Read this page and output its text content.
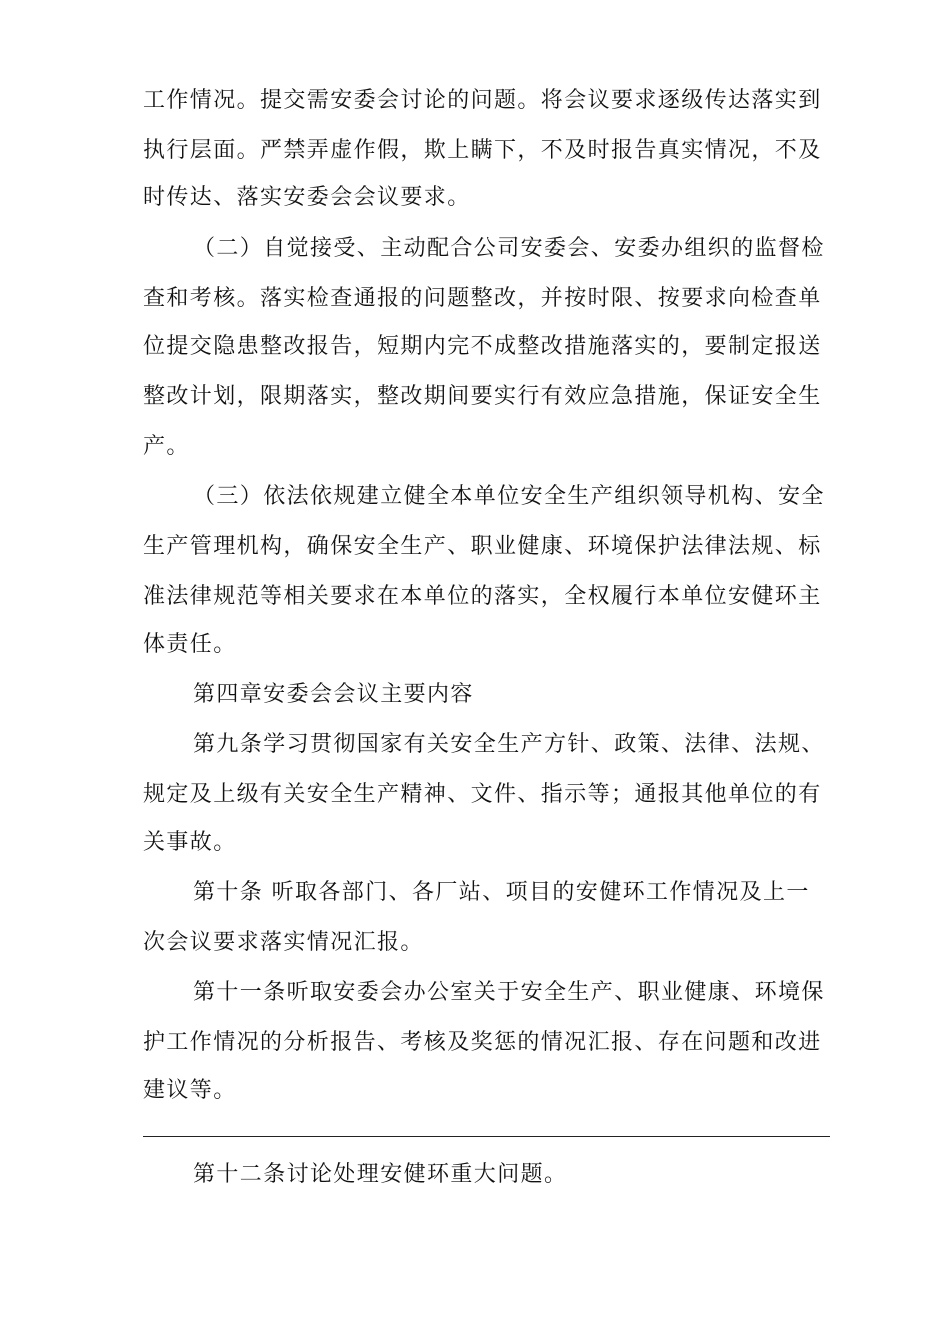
工作情况。提交需安委会讨论的问题。将会议要求逐级传达落实到
执行层面。严禁弄虚作假，欺上瞒下，不及时报告真实情况，不及
时传达、落实安委会会议要求。
（二）自觉接受、主动配合公司安委会、安委办组织的监督检
查和考核。落实检查通报的问题整改，并按时限、按要求向检查单
位提交隐患整改报告，短期内完不成整改措施落实的，要制定报送
整改计划，限期落实，整改期间要实行有效应急措施，保证安全生
产。
（三）依法依规建立健全本单位安全生产组织领导机构、安全
生产管理机构，确保安全生产、职业健康、环境保护法律法规、标
准法律规范等相关要求在本单位的落实，全权履行本单位安健环主
体责任。
第四章安委会会议主要内容
第九条学习贯彻国家有关安全生产方针、政策、法律、法规、
规定及上级有关安全生产精神、文件、指示等；通报其他单位的有
关事故。
第十条 听取各部门、各厂站、项目的安健环工作情况及上一
次会议要求落实情况汇报。
第十一条听取安委会办公室关于安全生产、职业健康、环境保
护工作情况的分析报告、考核及奖惩的情况汇报、存在问题和改进
建议等。
第十二条讨论处理安健环重大问题。
